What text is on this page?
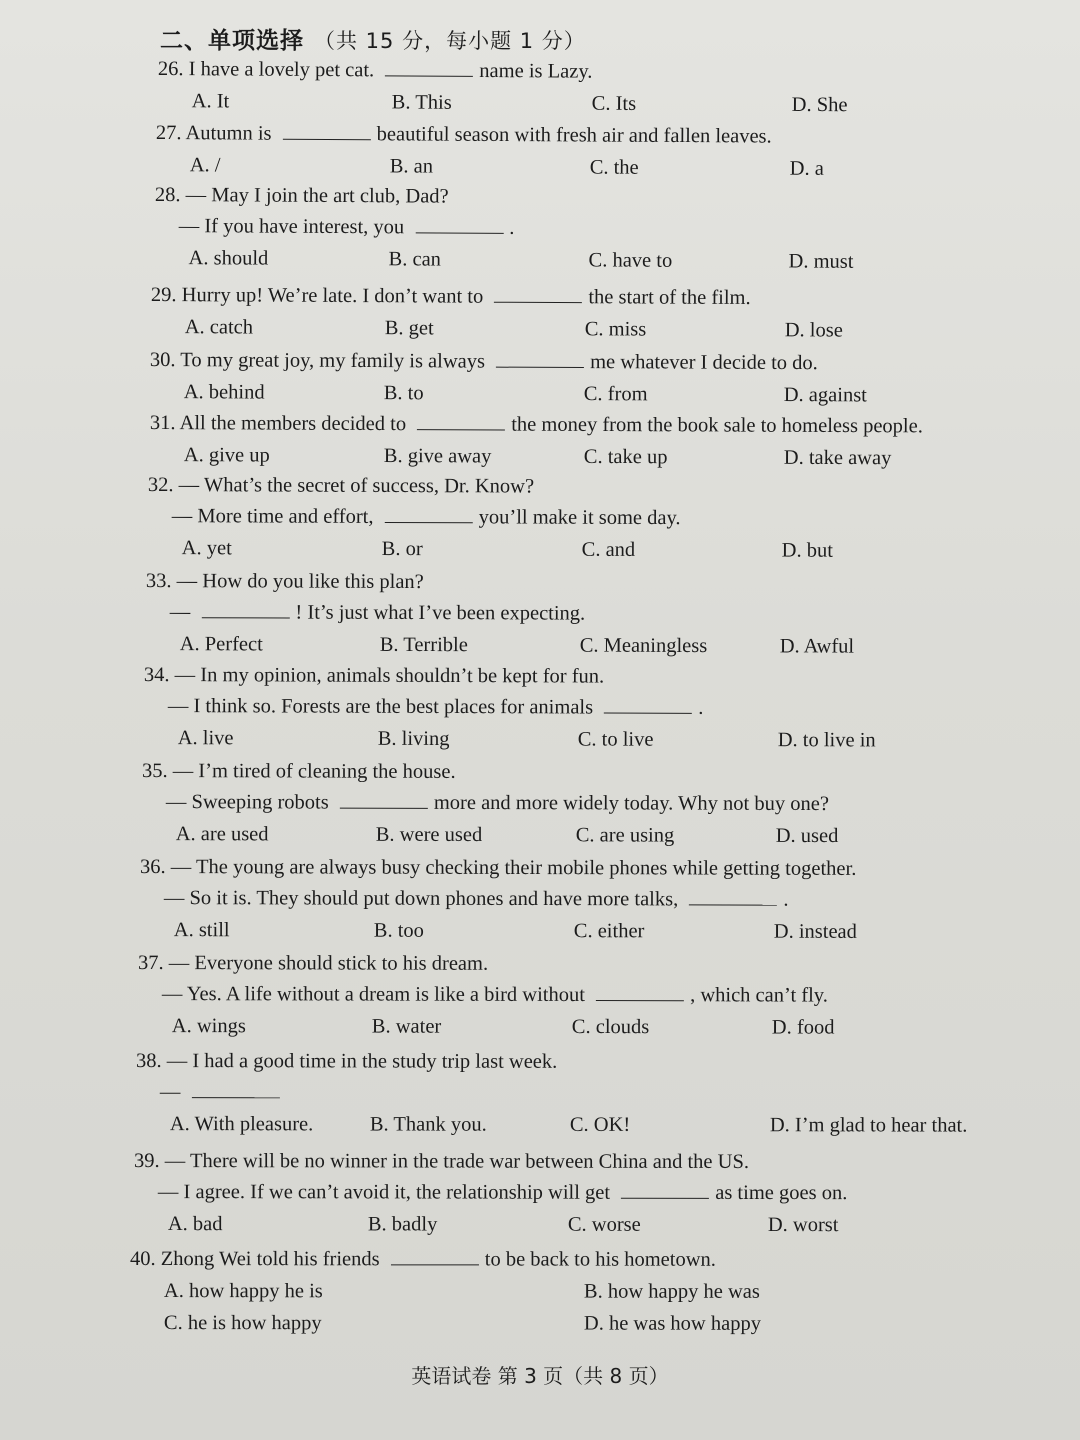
二、单项选择 （共 15 分，每小题 1 分）
26. I have a lovely pet cat.	name is Lazy.
A. It	B. This	C. Its	D. She
27. Autumn is	beautiful season with fresh air and fallen leaves.
A. /	B. an	C. the	D. a
28. — May I join the art club, Dad?
— If you have interest, you	.
A. should	B. can	C. have to	D. must
29. Hurry up! We’re late. I don’t want to	the start of the film.
A. catch	B. get	C. miss	D. lose
30. To my great joy, my family is always	me whatever I decide to do.
A. behind	B. to	C. from	D. against
31. All the members decided to	the money from the book sale to homeless people.
A. give up	B. give away	C. take up	D. take away
32. — What’s the secret of success, Dr. Know?
— More time and effort,	you’ll make it some day.
A. yet	B. or	C. and	D. but
33. — How do you like this plan?
—	! It’s just what I’ve been expecting.
A. Perfect	B. Terrible	C. Meaningless	D. Awful
34. — In my opinion, animals shouldn’t be kept for fun.
— I think so. Forests are the best places for animals	.
A. live	B. living	C. to live	D. to live in
35. — I’m tired of cleaning the house.
— Sweeping robots	more and more widely today. Why not buy one?
A. are used	B. were used	C. are using	D. used
36. — The young are always busy checking their mobile phones while getting together.
— So it is. They should put down phones and have more talks,	.
A. still	B. too	C. either	D. instead
37. — Everyone should stick to his dream.
— Yes. A life without a dream is like a bird without	, which can’t fly.
A. wings	B. water	C. clouds	D. food
38. — I had a good time in the study trip last week.
—
A. With pleasure.	B. Thank you.	C. OK!	D. I’m glad to hear that.
39. — There will be no winner in the trade war between China and the US.
— I agree. If we can’t avoid it, the relationship will get	as time goes on.
A. bad	B. badly	C. worse	D. worst
40. Zhong Wei told his friends	to be back to his hometown.
A. how happy he is	B. how happy he was
C. he is how happy	D. he was how happy
英语试卷 第 3 页（共 8 页）
